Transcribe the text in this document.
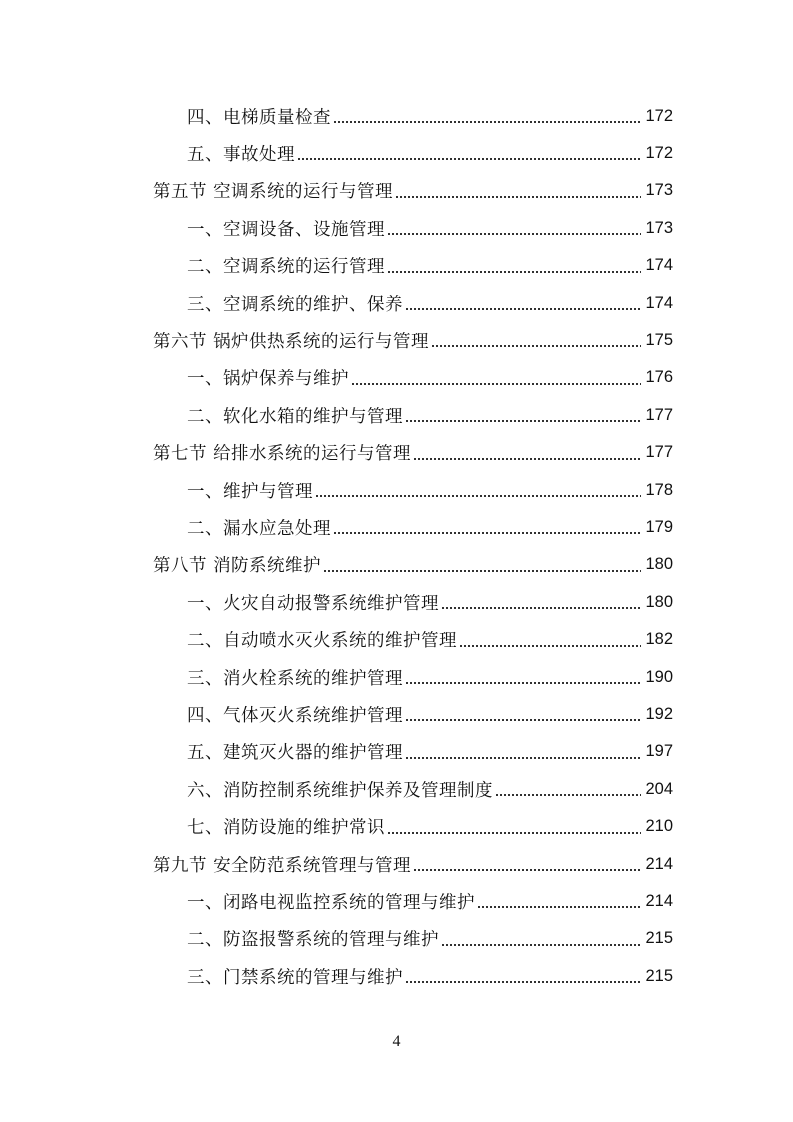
四、电梯质量检查	172
五、事故处理	172
第五节 空调系统的运行与管理	173
一、空调设备、设施管理	173
二、空调系统的运行管理	174
三、空调系统的维护、保养	174
第六节 锅炉供热系统的运行与管理	175
一、锅炉保养与维护	176
二、软化水箱的维护与管理	177
第七节 给排水系统的运行与管理	177
一、维护与管理	178
二、漏水应急处理	179
第八节 消防系统维护	180
一、火灾自动报警系统维护管理	180
二、自动喷水灭火系统的维护管理	182
三、消火栓系统的维护管理	190
四、气体灭火系统维护管理	192
五、建筑灭火器的维护管理	197
六、消防控制系统维护保养及管理制度	204
七、消防设施的维护常识	210
第九节 安全防范系统管理与管理	214
一、闭路电视监控系统的管理与维护	214
二、防盗报警系统的管理与维护	215
三、门禁系统的管理与维护	215
4
